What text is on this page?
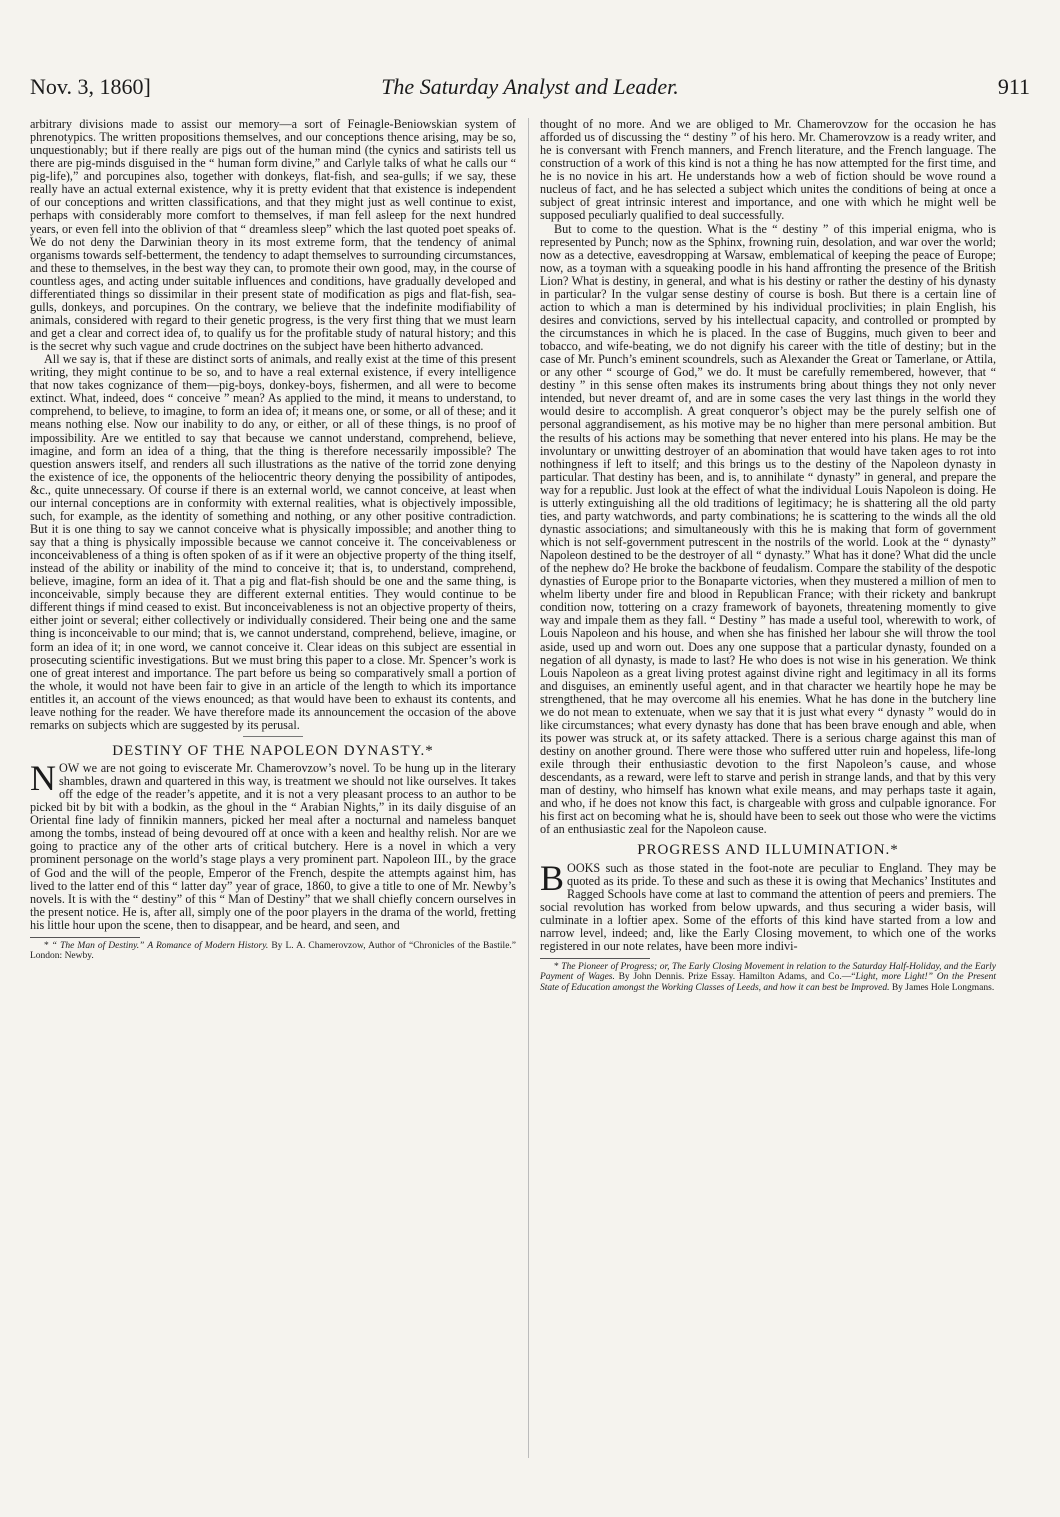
Nov. 3, 1860]	The Saturday Analyst and Leader.	911

arbitrary divisions made to assist our memory—a sort of Feinagle-Beniowskian system of phrenotypics. The written propositions themselves, and our conceptions thence arising, may be so, unquestionably; but if there really are pigs out of the human mind (the cynics and satirists tell us there are pig-minds disguised in the “ human form divine,” and Carlyle talks of what he calls our “ pig-life),” and porcupines also, together with donkeys, flat-fish, and sea-gulls; if we say, these really have an actual external existence, why it is pretty evident that that existence is independent of our conceptions and written classifications, and that they might just as well continue to exist, perhaps with considerably more comfort to themselves, if man fell asleep for the next hundred years, or even fell into the oblivion of that “ dreamless sleep” which the last quoted poet speaks of. We do not deny the Darwinian theory in its most extreme form, that the tendency of animal organisms towards self-betterment, the tendency to adapt themselves to surrounding circumstances, and these to themselves, in the best way they can, to promote their own good, may, in the course of countless ages, and acting under suitable influences and conditions, have gradually developed and differentiated things so dissimilar in their present state of modification as pigs and flat-fish, sea-gulls, donkeys, and porcupines. On the contrary, we believe that the indefinite modifiability of animals, considered with regard to their genetic progress, is the very first thing that we must learn and get a clear and correct idea of, to qualify us for the profitable study of natural history; and this is the secret why such vague and crude doctrines on the subject have been hitherto advanced.

All we say is, that if these are distinct sorts of animals, and really exist at the time of this present writing, they might continue to be so, and to have a real external existence, if every intelligence that now takes cognizance of them—pig-boys, donkey-boys, fishermen, and all were to become extinct. What, indeed, does “ conceive ” mean? As applied to the mind, it means to understand, to comprehend, to believe, to imagine, to form an idea of; it means one, or some, or all of these; and it means nothing else. Now our inability to do any, or either, or all of these things, is no proof of impossibility. Are we entitled to say that because we cannot understand, comprehend, believe, imagine, and form an idea of a thing, that the thing is therefore necessarily impossible? The question answers itself, and renders all such illustrations as the native of the torrid zone denying the existence of ice, the opponents of the heliocentric theory denying the possibility of antipodes, &c., quite unnecessary. Of course if there is an external world, we cannot conceive, at least when our internal conceptions are in conformity with external realities, what is objectively impossible, such, for example, as the identity of something and nothing, or any other positive contradiction. But it is one thing to say we cannot conceive what is physically impossible; and another thing to say that a thing is physically impossible because we cannot conceive it. The conceivableness or inconceivableness of a thing is often spoken of as if it were an objective property of the thing itself, instead of the ability or inability of the mind to conceive it; that is, to understand, comprehend, believe, imagine, form an idea of it. That a pig and flat-fish should be one and the same thing, is inconceivable, simply because they are different external entities. They would continue to be different things if mind ceased to exist. But inconceivableness is not an objective property of theirs, either joint or several; either collectively or individually considered. Their being one and the same thing is inconceivable to our mind; that is, we cannot understand, comprehend, believe, imagine, or form an idea of it; in one word, we cannot conceive it. Clear ideas on this subject are essential in prosecuting scientific investigations. But we must bring this paper to a close. Mr. Spencer’s work is one of great interest and importance. The part before us being so comparatively small a portion of the whole, it would not have been fair to give in an article of the length to which its importance entitles it, an account of the views enounced; as that would have been to exhaust its contents, and leave nothing for the reader. We have therefore made its announcement the occasion of the above remarks on subjects which are suggested by its perusal.

DESTINY OF THE NAPOLEON DYNASTY.*

NOW we are not going to eviscerate Mr. Chamerovzow’s novel. To be hung up in the literary shambles, drawn and quartered in this way, is treatment we should not like ourselves. It takes off the edge of the reader’s appetite, and it is not a very pleasant process to an author to be picked bit by bit with a bodkin, as the ghoul in the “ Arabian Nights,” in its daily disguise of an Oriental fine lady of finnikin manners, picked her meal after a nocturnal and nameless banquet among the tombs, instead of being devoured off at once with a keen and healthy relish. Nor are we going to practice any of the other arts of critical butchery. Here is a novel in which a very prominent personage on the world’s stage plays a very prominent part. Napoleon III., by the grace of God and the will of the people, Emperor of the French, despite the attempts against him, has lived to the latter end of this “ latter day” year of grace, 1860, to give a title to one of Mr. Newby’s novels. It is with the “ destiny” of this “ Man of Destiny” that we shall chiefly concern ourselves in the present notice. He is, after all, simply one of the poor players in the drama of the world, fretting his little hour upon the scene, then to disappear, and be heard, and seen, and

* “ The Man of Destiny.” A Romance of Modern History. By L. A. Chamerovzow, Author of “Chronicles of the Bastile.” London: Newby.

thought of no more. And we are obliged to Mr. Chamerovzow for the occasion he has afforded us of discussing the “ destiny ” of his hero. Mr. Chamerovzow is a ready writer, and he is conversant with French manners, and French literature, and the French language. The construction of a work of this kind is not a thing he has now attempted for the first time, and he is no novice in his art. He understands how a web of fiction should be wove round a nucleus of fact, and he has selected a subject which unites the conditions of being at once a subject of great intrinsic interest and importance, and one with which he might well be supposed peculiarly qualified to deal successfully.

But to come to the question. What is the “ destiny ” of this imperial enigma, who is represented by Punch; now as the Sphinx, frowning ruin, desolation, and war over the world; now as a detective, eavesdropping at Warsaw, emblematical of keeping the peace of Europe; now, as a toyman with a squeaking poodle in his hand affronting the presence of the British Lion? What is destiny, in general, and what is his destiny or rather the destiny of his dynasty in particular? In the vulgar sense destiny of course is bosh. But there is a certain line of action to which a man is determined by his individual proclivities; in plain English, his desires and convictions, served by his intellectual capacity, and controlled or prompted by the circumstances in which he is placed. In the case of Buggins, much given to beer and tobacco, and wife-beating, we do not dignify his career with the title of destiny; but in the case of Mr. Punch’s eminent scoundrels, such as Alexander the Great or Tamerlane, or Attila, or any other “ scourge of God,” we do. It must be carefully remembered, however, that “ destiny ” in this sense often makes its instruments bring about things they not only never intended, but never dreamt of, and are in some cases the very last things in the world they would desire to accomplish. A great conqueror’s object may be the purely selfish one of personal aggrandisement, as his motive may be no higher than mere personal ambition. But the results of his actions may be something that never entered into his plans. He may be the involuntary or unwitting destroyer of an abomination that would have taken ages to rot into nothingness if left to itself; and this brings us to the destiny of the Napoleon dynasty in particular. That destiny has been, and is, to annihilate “ dynasty” in general, and prepare the way for a republic. Just look at the effect of what the individual Louis Napoleon is doing. He is utterly extinguishing all the old traditions of legitimacy; he is shattering all the old party ties, and party watchwords, and party combinations; he is scattering to the winds all the old dynastic associations; and simultaneously with this he is making that form of government which is not self-government putrescent in the nostrils of the world. Look at the “ dynasty” Napoleon destined to be the destroyer of all “ dynasty.” What has it done? What did the uncle of the nephew do? He broke the backbone of feudalism. Compare the stability of the despotic dynasties of Europe prior to the Bonaparte victories, when they mustered a million of men to whelm liberty under fire and blood in Republican France; with their rickety and bankrupt condition now, tottering on a crazy framework of bayonets, threatening momently to give way and impale them as they fall. “ Destiny ” has made a useful tool, wherewith to work, of Louis Napoleon and his house, and when she has finished her labour she will throw the tool aside, used up and worn out. Does any one suppose that a particular dynasty, founded on a negation of all dynasty, is made to last? He who does is not wise in his generation. We think Louis Napoleon as a great living protest against divine right and legitimacy in all its forms and disguises, an eminently useful agent, and in that character we heartily hope he may be strengthened, that he may overcome all his enemies. What he has done in the butchery line we do not mean to extenuate, when we say that it is just what every “ dynasty ” would do in like circumstances; what every dynasty has done that has been brave enough and able, when its power was struck at, or its safety attacked. There is a serious charge against this man of destiny on another ground. There were those who suffered utter ruin and hopeless, life-long exile through their enthusiastic devotion to the first Napoleon’s cause, and whose descendants, as a reward, were left to starve and perish in strange lands, and that by this very man of destiny, who himself has known what exile means, and may perhaps taste it again, and who, if he does not know this fact, is chargeable with gross and culpable ignorance. For his first act on becoming what he is, should have been to seek out those who were the victims of an enthusiastic zeal for the Napoleon cause.

PROGRESS AND ILLUMINATION.*

BOOKS such as those stated in the foot-note are peculiar to England. They may be quoted as its pride. To these and such as these it is owing that Mechanics’ Institutes and Ragged Schools have come at last to command the attention of peers and premiers. The social revolution has worked from below upwards, and thus securing a wider basis, will culminate in a loftier apex. Some of the efforts of this kind have started from a low and narrow level, indeed; and, like the Early Closing movement, to which one of the works registered in our note relates, have been more indivi-

* The Pioneer of Progress; or, The Early Closing Movement in relation to the Saturday Half-Holiday, and the Early Payment of Wages. By John Dennis. Prize Essay. Hamilton Adams, and Co.—“Light, more Light!” On the Present State of Education amongst the Working Classes of Leeds, and how it can best be Improved. By James Hole Longmans.
